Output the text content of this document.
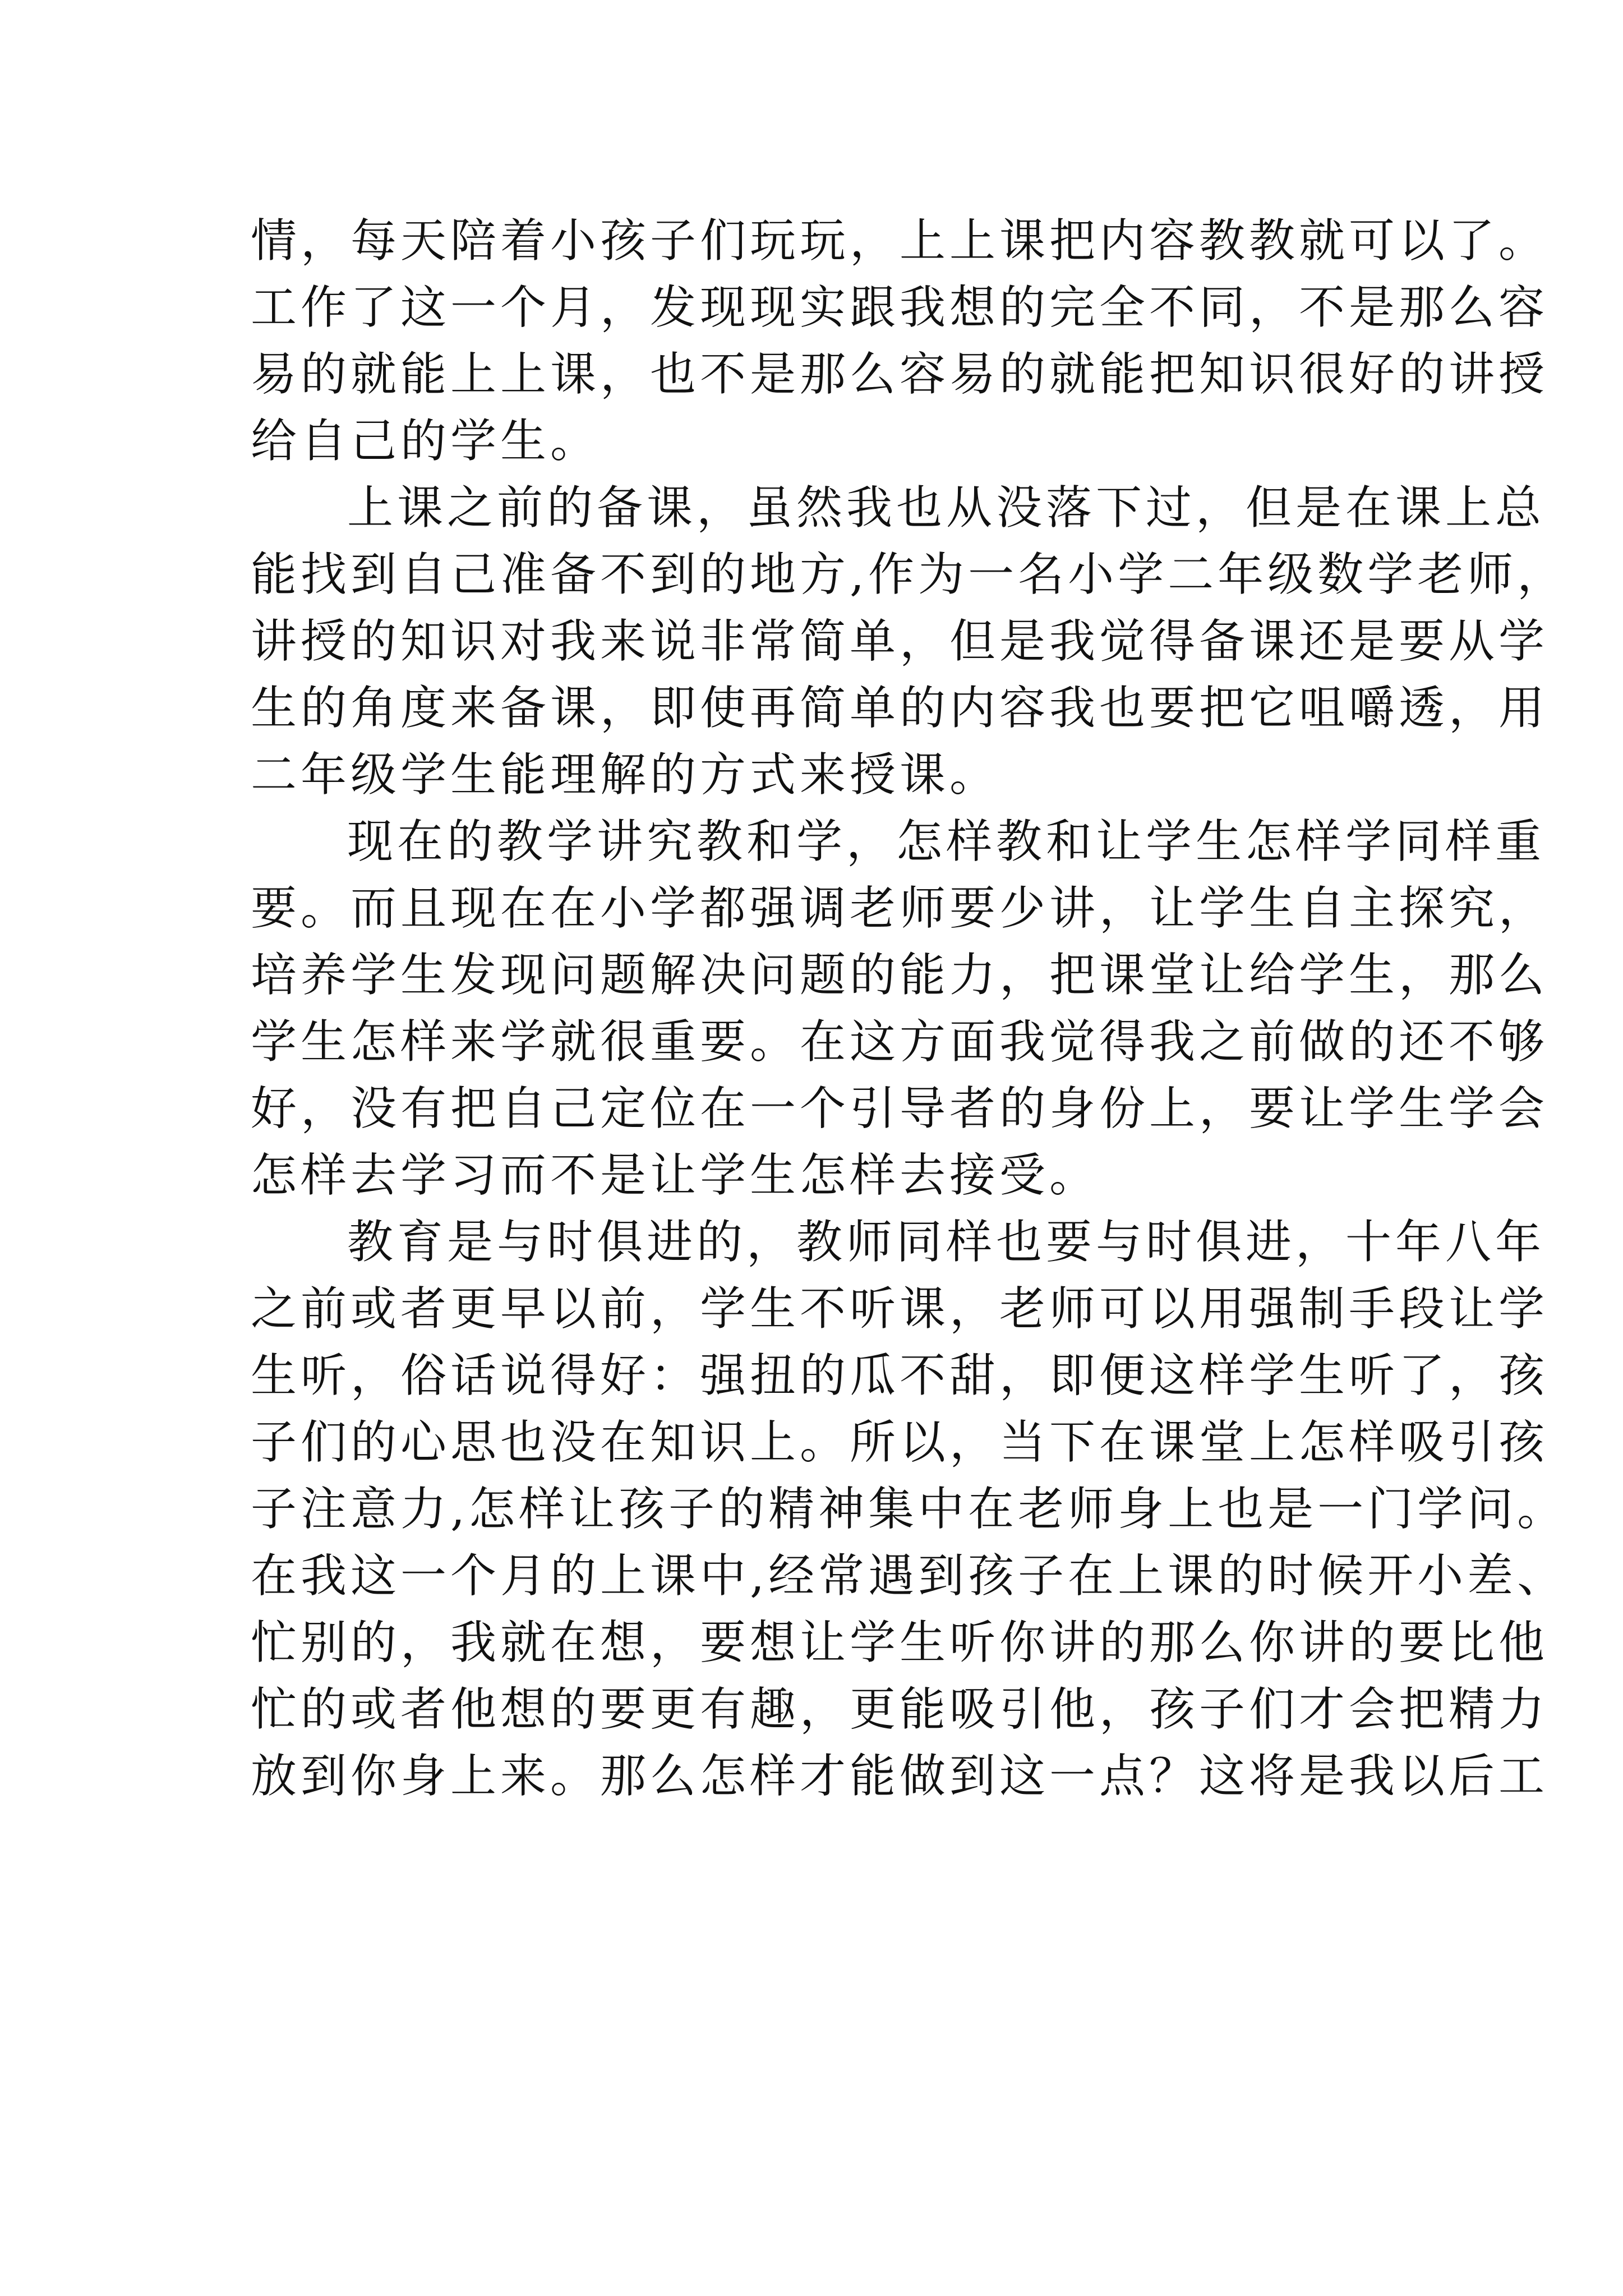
情，每天陪着小孩子们玩玩，上上课把内容教教就可以了。
工作了这一个月，发现现实跟我想的完全不同，不是那么容
易的就能上上课，也不是那么容易的就能把知识很好的讲授
给自己的学生。
上课之前的备课，虽然我也从没落下过，但是在课上总
能找到自己准备不到的地方,作为一名小学二年级数学老师，
讲授的知识对我来说非常简单，但是我觉得备课还是要从学
生的角度来备课，即使再简单的内容我也要把它咀嚼透，用
二年级学生能理解的方式来授课。
现在的教学讲究教和学，怎样教和让学生怎样学同样重
要。而且现在在小学都强调老师要少讲，让学生自主探究，
培养学生发现问题解决问题的能力，把课堂让给学生，那么
学生怎样来学就很重要。在这方面我觉得我之前做的还不够
好，没有把自己定位在一个引导者的身份上，要让学生学会
怎样去学习而不是让学生怎样去接受。
教育是与时俱进的，教师同样也要与时俱进，十年八年
之前或者更早以前，学生不听课，老师可以用强制手段让学
生听，俗话说得好：强扭的瓜不甜，即便这样学生听了，孩
子们的心思也没在知识上。所以，当下在课堂上怎样吸引孩
子注意力,怎样让孩子的精神集中在老师身上也是一门学问。
在我这一个月的上课中,经常遇到孩子在上课的时候开小差、
忙别的，我就在想，要想让学生听你讲的那么你讲的要比他
忙的或者他想的要更有趣，更能吸引他，孩子们才会把精力
放到你身上来。那么怎样才能做到这一点？这将是我以后工
